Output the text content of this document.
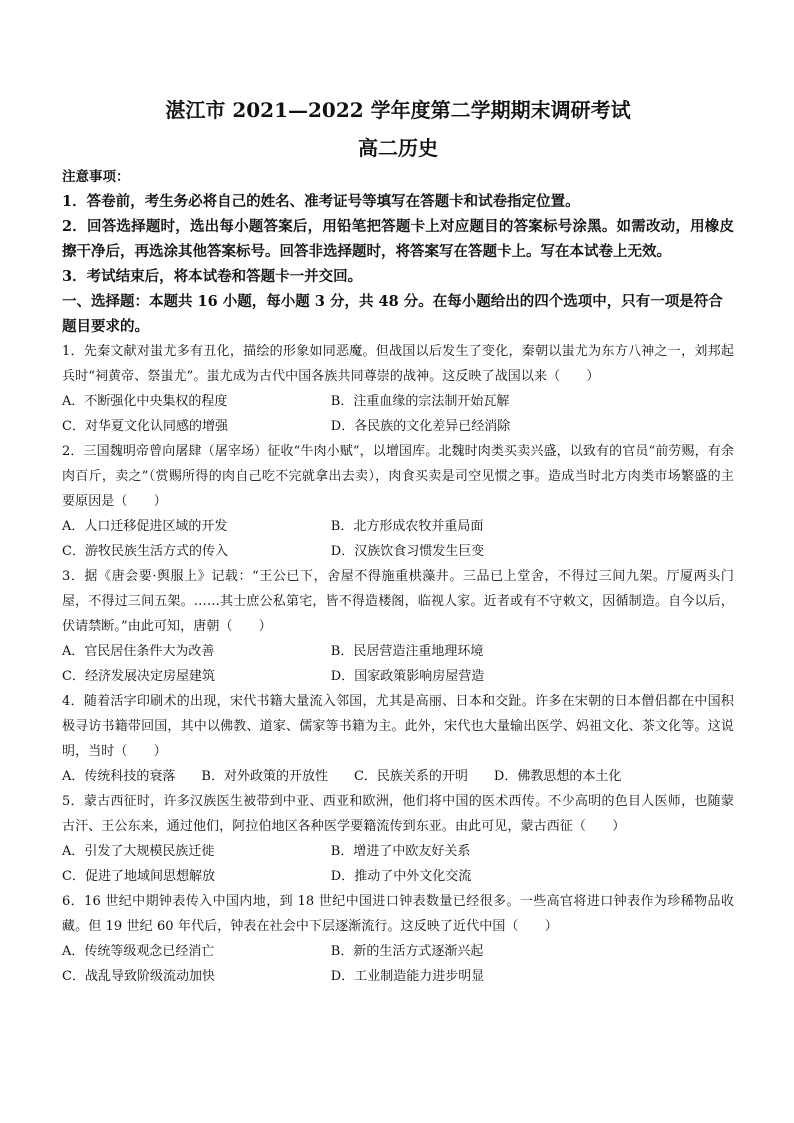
湛江市 2021—2022 学年度第二学期期末调研考试
高二历史
注意事项：

1．答卷前，考生务必将自己的姓名、准考证号等填写在答题卡和试卷指定位置。

2．回答选择题时，选出每小题答案后，用铅笔把答题卡上对应题目的答案标号涂黑。如需改动，用橡皮擦干净后，再选涂其他答案标号。回答非选择题时，将答案写在答题卡上。写在本试卷上无效。

3．考试结束后，将本试卷和答题卡一并交回。

一、选择题：本题共 16 小题，每小题 3 分，共 48 分。在每小题给出的四个选项中，只有一项是符合题目要求的。

1．先秦文献对蚩尤多有丑化，描绘的形象如同恶魔。但战国以后发生了变化，秦朝以蚩尤为东方八神之一，刘邦起兵时“祠黄帝、祭蚩尤”。蚩尤成为古代中国各族共同尊崇的战神。这反映了战国以来（　　）

A．不断强化中央集权的程度	B．注重血缘的宗法制开始瓦解
C．对华夏文化认同感的增强	D．各民族的文化差异已经消除

2．三国魏明帝曾向屠肆（屠宰场）征收“牛肉小赋”，以增国库。北魏时肉类买卖兴盛，以致有的官员“前劳赐，有余肉百斤，卖之”（赏赐所得的肉自己吃不完就拿出去卖），肉食买卖是司空见惯之事。造成当时北方肉类市场繁盛的主要原因是（　　）

A．人口迁移促进区域的开发	B．北方形成农牧并重局面
C．游牧民族生活方式的传入	D．汉族饮食习惯发生巨变

3．据《唐会要·舆服上》记载：“王公已下，舍屋不得施重栱藻井。三品已上堂舍，不得过三间九架。厅厦两头门屋，不得过三间五架。……其士庶公私第宅，皆不得造楼阁，临视人家。近者或有不守敕文，因循制造。自今以后，伏请禁断。”由此可知，唐朝（　　）

A．官民居住条件大为改善	B．民居营造注重地理环境
C．经济发展决定房屋建筑	D．国家政策影响房屋营造

4．随着活字印刷术的出现，宋代书籍大量流入邻国，尤其是高丽、日本和交趾。许多在宋朝的日本僧侣都在中国积极寻访书籍带回国，其中以佛教、道家、儒家等书籍为主。此外，宋代也大量输出医学、妈祖文化、茶文化等。这说明，当时（　　）

A．传统科技的衰落 B．对外政策的开放性 C．民族关系的开明 D．佛教思想的本土化

5．蒙古西征时，许多汉族医生被带到中亚、西亚和欧洲，他们将中国的医术西传。不少高明的色目人医师，也随蒙古汗、王公东来，通过他们，阿拉伯地区各种医学要籍流传到东亚。由此可见，蒙古西征（　　）

A．引发了大规模民族迁徙	B．增进了中欧友好关系
C．促进了地域间思想解放	D．推动了中外文化交流

6．16 世纪中期钟表传入中国内地，到 18 世纪中国进口钟表数量已经很多。一些高官将进口钟表作为珍稀物品收藏。但 19 世纪 60 年代后，钟表在社会中下层逐渐流行。这反映了近代中国（　　）

A．传统等级观念已经消亡	B．新的生活方式逐渐兴起
C．战乱导致阶级流动加快	D．工业制造能力进步明显
